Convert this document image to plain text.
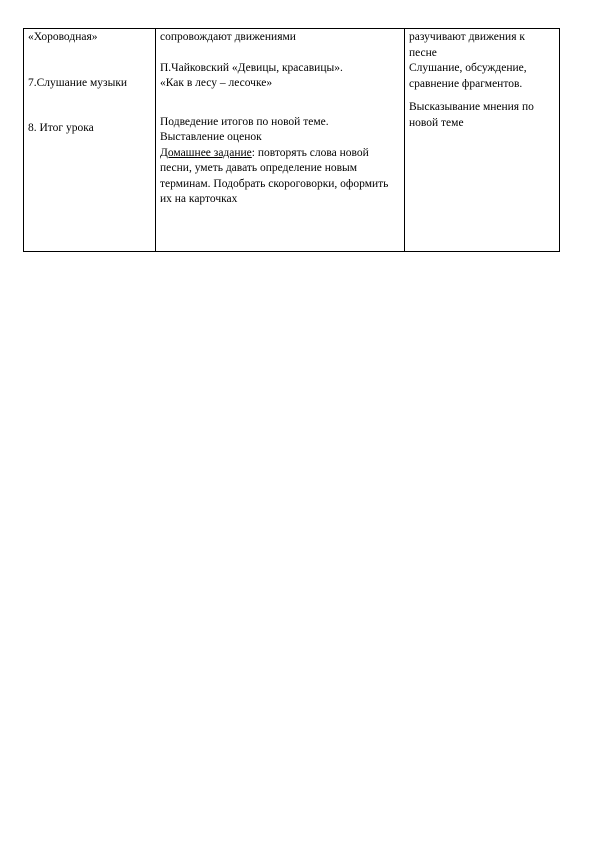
«Хороводная»
7.Слушание музыки
8. Итог урока

сопровождают движениями
П.Чайковский «Девицы, красавицы».
«Как в лесу – лесочке»
Подведение итогов по новой теме.
Выставление оценок
Домашнее задание: повторять слова новой песни, уметь давать определение новым терминам. Подобрать скороговорки, оформить их на карточках

разучивают движения к песне
Слушание, обсуждение, сравнение фрагментов.
Высказывание мнения по новой теме
